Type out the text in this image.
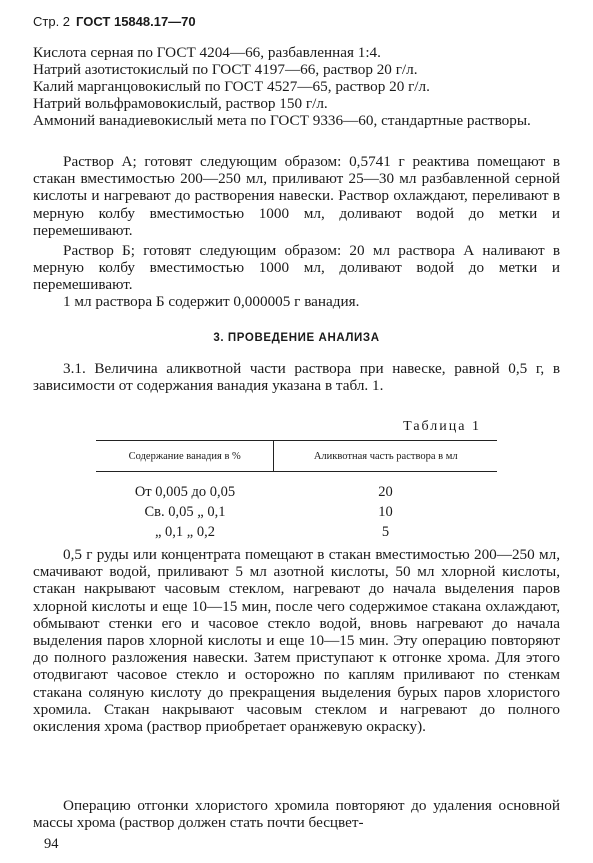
Стр. 2 ГОСТ 15848.17—70
Кислота серная по ГОСТ 4204—66, разбавленная 1:4.
Натрий азотистокислый по ГОСТ 4197—66, раствор 20 г/л.
Калий марганцовокислый по ГОСТ 4527—65, раствор 20 г/л.
Натрий вольфрамовокислый, раствор 150 г/л.
Аммоний ванадиевокислый мета по ГОСТ 9336—60, стандартные растворы.
Раствор А; готовят следующим образом: 0,5741 г реактива помещают в стакан вместимостью 200—250 мл, приливают 25—30 мл разбавленной серной кислоты и нагревают до растворения навески. Раствор охлаждают, переливают в мерную колбу вместимостью 1000 мл, доливают водой до метки и перемешивают.
Раствор Б; готовят следующим образом: 20 мл раствора А наливают в мерную колбу вместимостью 1000 мл, доливают водой до метки и перемешивают.
1 мл раствора Б содержит 0,000005 г ванадия.
3. ПРОВЕДЕНИЕ АНАЛИЗА
3.1. Величина аликвотной части раствора при навеске, равной 0,5 г, в зависимости от содержания ванадия указана в табл. 1.
Таблица 1
Содержание ванадия в %	Аликвотная часть раствора в мл
От 0,005 до 0,05	20
Св. 0,05 „ 0,1	10
„ 0,1 „ 0,2	5
0,5 г руды или концентрата помещают в стакан вместимостью 200—250 мл, смачивают водой, приливают 5 мл азотной кислоты, 50 мл хлорной кислоты, стакан накрывают часовым стеклом, нагревают до начала выделения паров хлорной кислоты и еще 10—15 мин, после чего содержимое стакана охлаждают, обмывают стенки его и часовое стекло водой, вновь нагревают до начала выделения паров хлорной кислоты и еще 10—15 мин. Эту операцию повторяют до полного разложения навески. Затем приступают к отгонке хрома. Для этого отодвигают часовое стекло и осторожно по каплям приливают по стенкам стакана соляную кислоту до прекращения выделения бурых паров хлористого хромила. Стакан накрывают часовым стеклом и нагревают до полного окисления хрома (раствор приобретает оранжевую окраску).
Операцию отгонки хлористого хромила повторяют до удаления основной массы хрома (раствор должен стать почти бесцвет-
94
